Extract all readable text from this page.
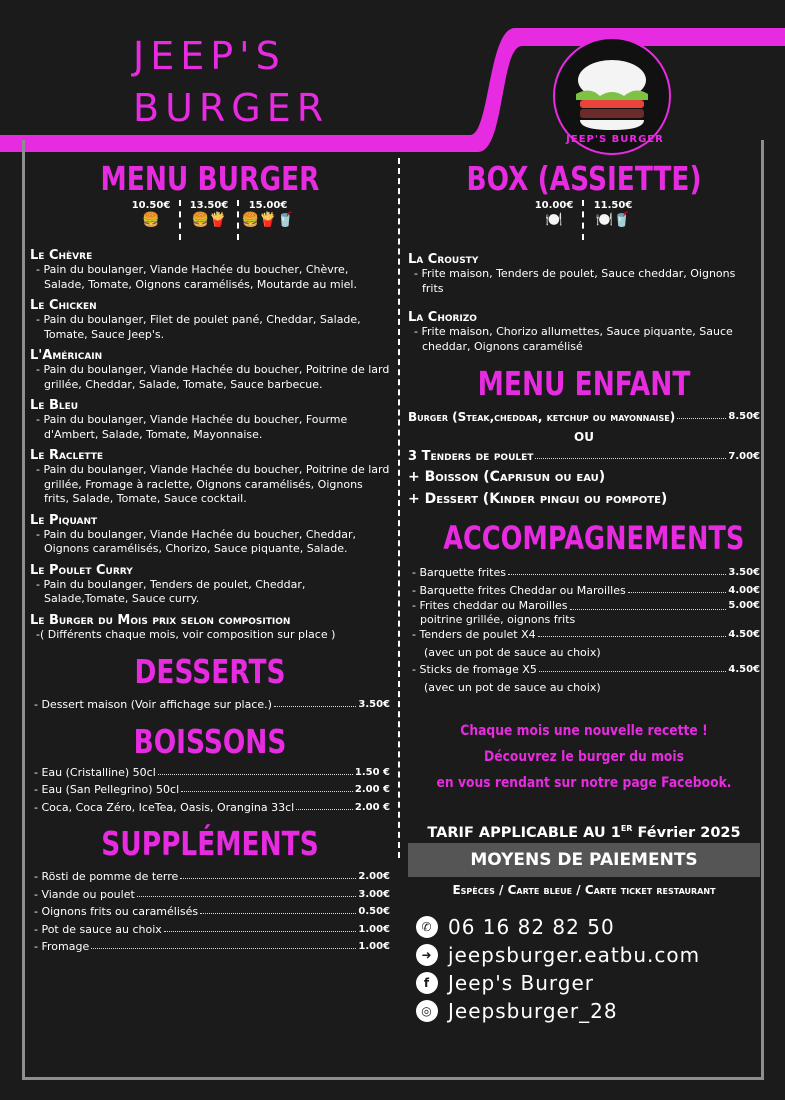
JEEP'S
BURGER
JEEP'S BURGER
MENU BURGER
10.50€
🍔
13.50€
🍔🍟
15.00€
🍔🍟🥤
Le Chèvre
- Pain du boulanger, Viande Hachée du boucher, Chèvre, Salade, Tomate, Oignons caramélisés, Moutarde au miel.
Le Chicken
- Pain du boulanger, Filet de poulet pané, Cheddar, Salade, Tomate, Sauce Jeep's.
L'Américain
- Pain du boulanger, Viande Hachée du boucher, Poitrine de lard grillée, Cheddar, Salade, Tomate, Sauce barbecue.
Le Bleu
- Pain du boulanger, Viande Hachée du boucher, Fourme d'Ambert, Salade, Tomate, Mayonnaise.
Le Raclette
- Pain du boulanger, Viande Hachée du boucher, Poitrine de lard grillée, Fromage à raclette, Oignons caramélisés, Oignons frits, Salade, Tomate, Sauce cocktail.
Le Piquant
- Pain du boulanger, Viande Hachée du boucher, Cheddar, Oignons caramélisés, Chorizo, Sauce piquante, Salade.
Le Poulet Curry
- Pain du boulanger, Tenders de poulet, Cheddar, Salade,Tomate, Sauce curry.
Le Burger du Mois prix selon composition
-( Différents chaque mois, voir composition sur place )
DESSERTS
- Dessert maison (Voir affichage sur place.)	3.50€
BOISSONS
- Eau (Cristalline) 50cl	1.50 €
- Eau (San Pellegrino) 50cl	2.00 €
- Coca, Coca Zéro, IceTea, Oasis, Orangina 33cl	2.00 €
SUPPLÉMENTS
- Rösti de pomme de terre	2.00€
- Viande ou poulet	3.00€
- Oignons frits ou caramélisés	0.50€
- Pot de sauce au choix	1.00€
- Fromage	1.00€
BOX (ASSIETTE)
10.00€
🍽️
11.50€
🍽️🥤
La Crousty
- Frite maison, Tenders de poulet, Sauce cheddar, Oignons frits
La Chorizo
- Frite maison, Chorizo allumettes, Sauce piquante, Sauce cheddar, Oignons caramélisé
MENU ENFANT
Burger (Steak,cheddar, ketchup ou mayonnaise)	8.50€
OU
3 Tenders de poulet	7.00€
+ Boisson (Caprisun ou eau)
+ Dessert (Kinder pingui ou pompote)
ACCOMPAGNEMENTS
- Barquette frites	3.50€
- Barquette frites Cheddar ou Maroilles	4.00€
- Frites cheddar ou Maroilles	5.00€
poitrine grillée, oignons frits
- Tenders de poulet X4	4.50€
(avec un pot de sauce au choix)
- Sticks de fromage X5	4.50€
(avec un pot de sauce au choix)
Chaque mois une nouvelle recette !
Découvrez le burger du mois
en vous rendant sur notre page Facebook.
TARIF APPLICABLE AU 1ER Février 2025
MOYENS DE PAIEMENTS
Espèces / Carte bleue / Carte ticket restaurant
✆ 06 16 82 82 50
➜ jeepsburger.eatbu.com
f Jeep's Burger
◎ Jeepsburger_28
